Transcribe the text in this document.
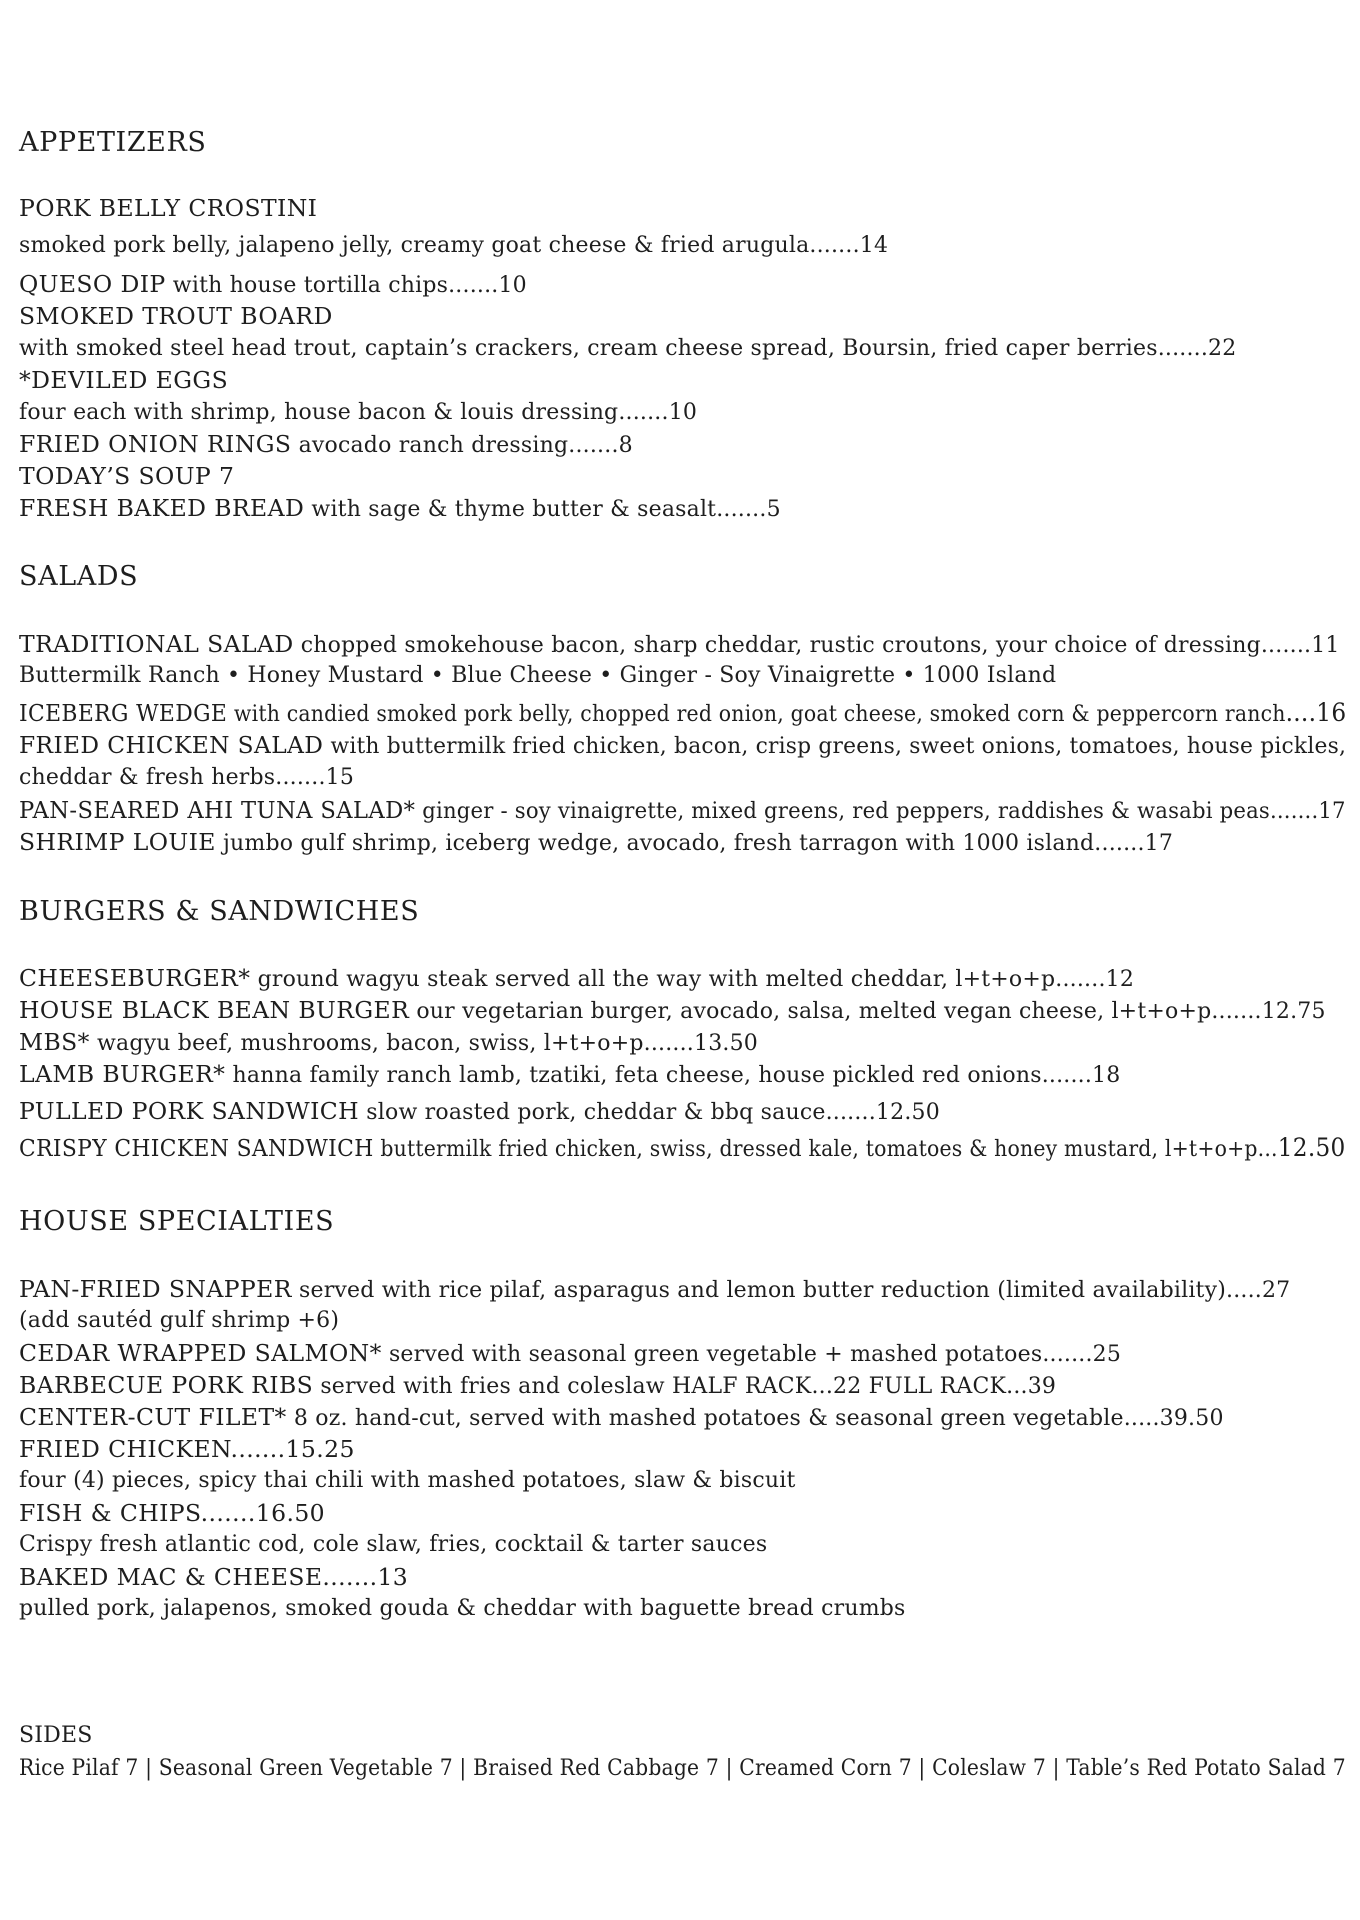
APPETIZERS
PORK BELLY CROSTINI
smoked pork belly, jalapeno jelly, creamy goat cheese & fried arugula.......14
QUESO DIP with house tortilla chips.......10
SMOKED TROUT BOARD
with smoked steel head trout, captain’s crackers, cream cheese spread, Boursin, fried caper berries.......22
*DEVILED EGGS
four each with shrimp, house bacon & louis dressing.......10
FRIED ONION RINGS avocado ranch dressing.......8
TODAY’S SOUP 7
FRESH BAKED BREAD with sage & thyme butter & seasalt.......5
SALADS
TRADITIONAL SALAD chopped smokehouse bacon, sharp cheddar, rustic croutons, your choice of dressing.......11
Buttermilk Ranch • Honey Mustard • Blue Cheese • Ginger - Soy Vinaigrette • 1000 Island
ICEBERG WEDGE with candied smoked pork belly, chopped red onion, goat cheese, smoked corn & peppercorn ranch....16
FRIED CHICKEN SALAD with buttermilk fried chicken, bacon, crisp greens, sweet onions, tomatoes, house pickles,
cheddar & fresh herbs.......15
PAN-SEARED AHI TUNA SALAD* ginger - soy vinaigrette, mixed greens, red peppers, raddishes & wasabi peas.......17
SHRIMP LOUIE jumbo gulf shrimp, iceberg wedge, avocado, fresh tarragon with 1000 island.......17
BURGERS & SANDWICHES
CHEESEBURGER* ground wagyu steak served all the way with melted cheddar, l+t+o+p.......12
HOUSE BLACK BEAN BURGER our vegetarian burger, avocado, salsa, melted vegan cheese, l+t+o+p.......12.75
MBS* wagyu beef, mushrooms, bacon, swiss, l+t+o+p.......13.50
LAMB BURGER* hanna family ranch lamb, tzatiki, feta cheese, house pickled red onions.......18
PULLED PORK SANDWICH slow roasted pork, cheddar & bbq sauce.......12.50
CRISPY CHICKEN SANDWICH buttermilk fried chicken, swiss, dressed kale, tomatoes & honey mustard, l+t+o+p...12.50
HOUSE SPECIALTIES
PAN-FRIED SNAPPER served with rice pilaf, asparagus and lemon butter reduction (limited availability).....27
(add sautéd gulf shrimp +6)
CEDAR WRAPPED SALMON* served with seasonal green vegetable + mashed potatoes.......25
BARBECUE PORK RIBS served with fries and coleslaw HALF RACK...22 FULL RACK...39
CENTER-CUT FILET* 8 oz. hand-cut, served with mashed potatoes & seasonal green vegetable.....39.50
FRIED CHICKEN.......15.25
four (4) pieces, spicy thai chili with mashed potatoes, slaw & biscuit
FISH & CHIPS.......16.50
Crispy fresh atlantic cod, cole slaw, fries, cocktail & tarter sauces
BAKED MAC & CHEESE.......13
pulled pork, jalapenos, smoked gouda & cheddar with baguette bread crumbs
SIDES
Rice Pilaf 7 | Seasonal Green Vegetable 7 | Braised Red Cabbage 7 | Creamed Corn 7 | Coleslaw 7 | Table’s Red Potato Salad 7
